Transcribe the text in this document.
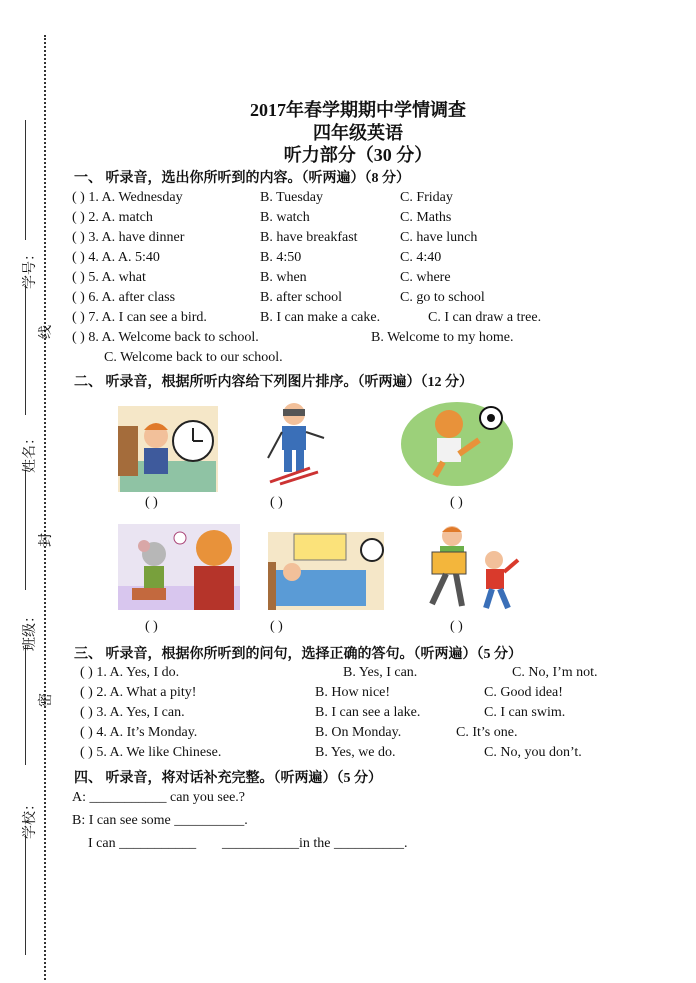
学号：
线
姓名：
封
班级：
密
学校：
2017年春学期期中学情调查
四年级英语
听力部分（30 分）
一、 听录音，选出你所听到的内容。（听两遍）（8 分）
( ) 1. A. Wednesday	B. Tuesday	C. Friday
( ) 2. A. match	B. watch	C. Maths
( ) 3. A. have dinner	B. have breakfast	C. have lunch
( ) 4. A. A. 5:40	B. 4:50	C. 4:40
( ) 5. A. what	B. when	C. where
( ) 6. A. after class	B. after school	C. go to school
( ) 7. A. I can see a bird.	B. I can make a cake.	C. I can draw a tree.
( ) 8. A. Welcome back to school.	B. Welcome to my home.
C. Welcome back to our school.
二、 听录音，根据所听内容给下列图片排序。（听两遍）（12 分）
( )	( )	( )
( )	( )	( )
三、 听录音，根据你所听到的问句，选择正确的答句。（听两遍）（5 分）
( ) 1. A. Yes, I do.	B. Yes, I can.	C. No, I’m not.
( ) 2. A. What a pity!	B. How nice!	C. Good idea!
( ) 3. A. Yes, I can.	B. I can see a lake.	C. I can swim.
( ) 4. A. It’s Monday.	B. On Monday.	C. It’s one.
( ) 5. A. We like Chinese.	B. Yes, we do.	C. No, you don’t.
四、 听录音，将对话补充完整。（听两遍）（5 分）
A: ___________ can you see.?
B: I can see some __________.
I can ___________ ___________in the __________.
